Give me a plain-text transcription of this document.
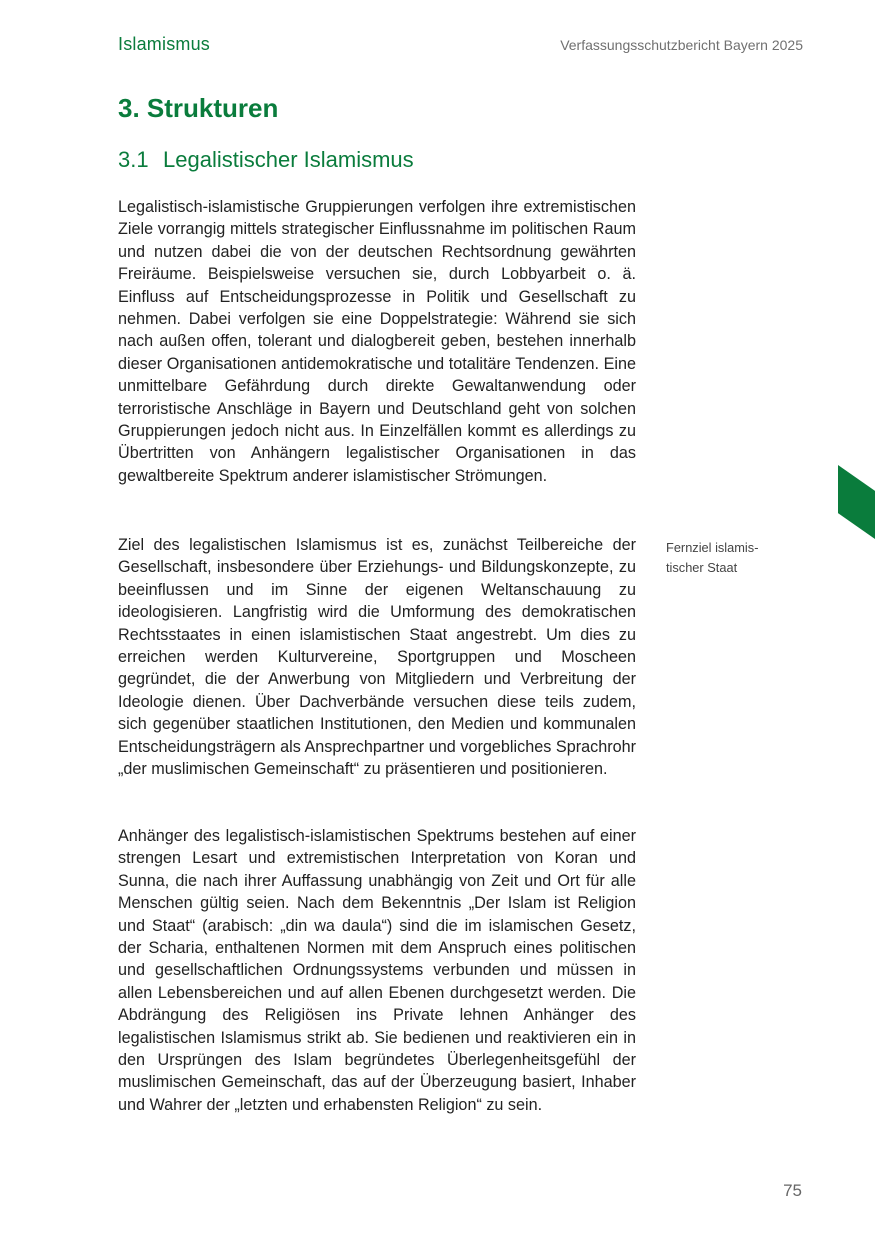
Islamismus	Verfassungsschutzbericht Bayern 2025
3. Strukturen
3.1 Legalistischer Islamismus

Legalistisch-islamistische Gruppierungen verfolgen ihre extremistischen Ziele vorrangig mittels strategischer Einflussnahme im politischen Raum und nutzen dabei die von der deutschen Rechtsordnung gewährten Freiräume. Beispielsweise versuchen sie, durch Lobbyarbeit o. ä. Einfluss auf Entscheidungsprozesse in Politik und Gesellschaft zu nehmen. Dabei verfolgen sie eine Doppelstrategie: Während sie sich nach außen offen, tolerant und dialogbereit geben, bestehen innerhalb dieser Organisationen antidemokratische und totalitäre Tendenzen. Eine unmittelbare Gefährdung durch direkte Gewaltanwendung oder terroristische Anschläge in Bayern und Deutschland geht von solchen Gruppierungen jedoch nicht aus. In Einzelfällen kommt es allerdings zu Übertritten von Anhängern legalistischer Organisationen in das gewaltbereite Spektrum anderer islamistischer Strömungen.

Ziel des legalistischen Islamismus ist es, zunächst Teilbereiche der Gesellschaft, insbesondere über Erziehungs- und Bildungskonzepte, zu beeinflussen und im Sinne der eigenen Weltanschauung zu ideologisieren. Langfristig wird die Umformung des demokratischen Rechtsstaates in einen islamistischen Staat angestrebt. Um dies zu erreichen werden Kulturvereine, Sportgruppen und Moscheen gegründet, die der Anwerbung von Mitgliedern und Verbreitung der Ideologie dienen. Über Dachverbände versuchen diese teils zudem, sich gegenüber staatlichen Institutionen, den Medien und kommunalen Entscheidungsträgern als Ansprechpartner und vorgebliches Sprachrohr „der muslimischen Gemeinschaft“ zu präsentieren und positionieren.

Anhänger des legalistisch-islamistischen Spektrums bestehen auf einer strengen Lesart und extremistischen Interpretation von Koran und Sunna, die nach ihrer Auffassung unabhängig von Zeit und Ort für alle Menschen gültig seien. Nach dem Bekenntnis „Der Islam ist Religion und Staat“ (arabisch: „din wa daula“) sind die im islamischen Gesetz, der Scharia, enthaltenen Normen mit dem Anspruch eines politischen und gesellschaftlichen Ordnungssystems verbunden und müssen in allen Lebensbereichen und auf allen Ebenen durchgesetzt werden. Die Abdrängung des Religiösen ins Private lehnen Anhänger des legalistischen Islamismus strikt ab. Sie bedienen und reaktivieren ein in den Ursprüngen des Islam begründetes Überlegenheitsgefühl der muslimischen Gemeinschaft, das auf der Überzeugung basiert, Inhaber und Wahrer der „letzten und erhabensten Religion“ zu sein.

Fernziel islamistischer Staat
75
